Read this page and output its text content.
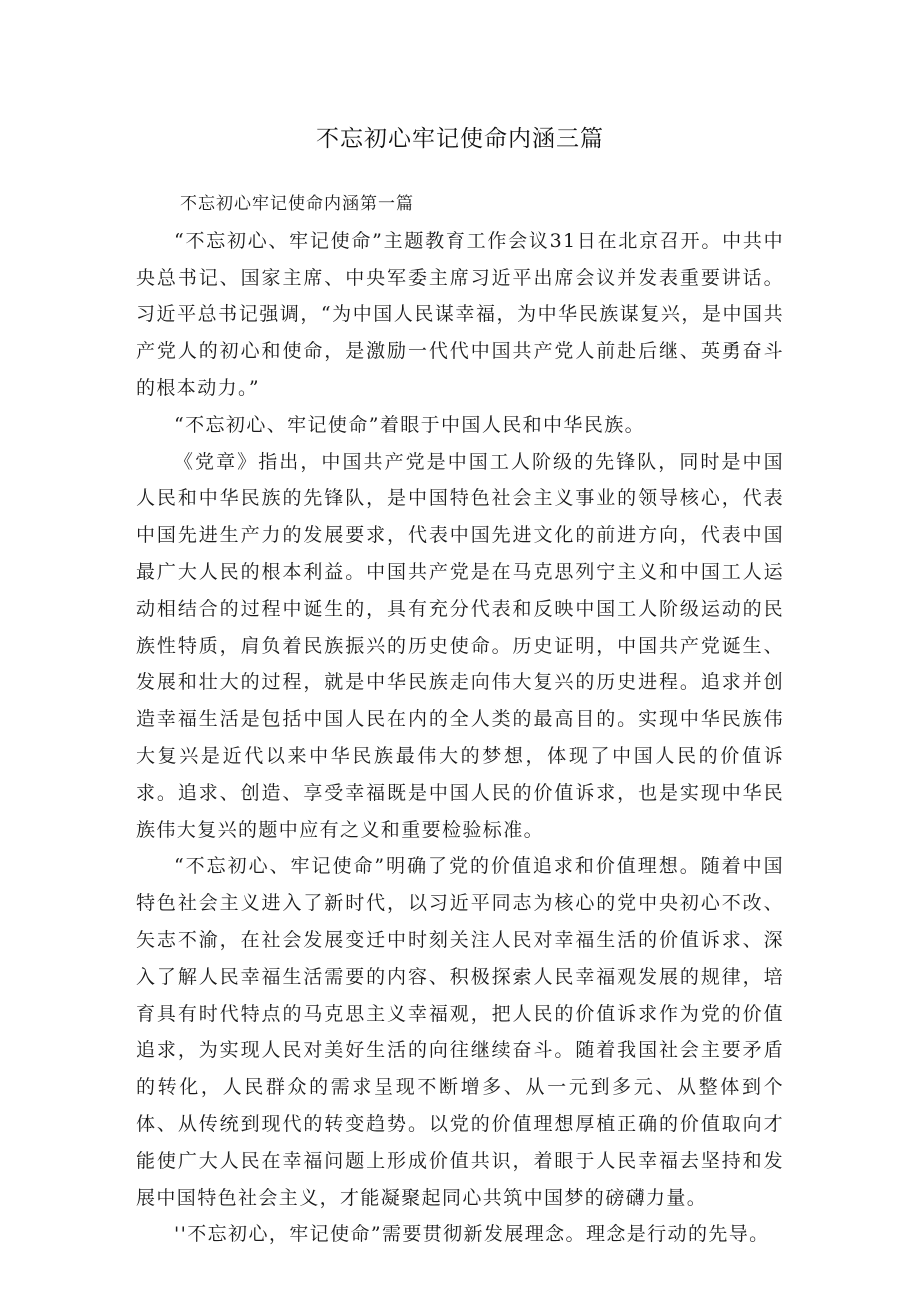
不忘初心牢记使命内涵三篇

不忘初心牢记使命内涵第一篇

“不忘初心、牢记使命”主题教育工作会议31日在北京召开。中共中央总书记、国家主席、中央军委主席习近平出席会议并发表重要讲话。习近平总书记强调，“为中国人民谋幸福，为中华民族谋复兴，是中国共产党人的初心和使命，是激励一代代中国共产党人前赴后继、英勇奋斗的根本动力。”

“不忘初心、牢记使命”着眼于中国人民和中华民族。

《党章》指出，中国共产党是中国工人阶级的先锋队，同时是中国人民和中华民族的先锋队，是中国特色社会主义事业的领导核心，代表中国先进生产力的发展要求，代表中国先进文化的前进方向，代表中国最广大人民的根本利益。中国共产党是在马克思列宁主义和中国工人运动相结合的过程中诞生的，具有充分代表和反映中国工人阶级运动的民族性特质，肩负着民族振兴的历史使命。历史证明，中国共产党诞生、发展和壮大的过程，就是中华民族走向伟大复兴的历史进程。追求并创造幸福生活是包括中国人民在内的全人类的最高目的。实现中华民族伟大复兴是近代以来中华民族最伟大的梦想，体现了中国人民的价值诉求。追求、创造、享受幸福既是中国人民的价值诉求，也是实现中华民族伟大复兴的题中应有之义和重要检验标准。

“不忘初心、牢记使命”明确了党的价值追求和价值理想。随着中国特色社会主义进入了新时代，以习近平同志为核心的党中央初心不改、矢志不渝，在社会发展变迁中时刻关注人民对幸福生活的价值诉求、深入了解人民幸福生活需要的内容、积极探索人民幸福观发展的规律，培育具有时代特点的马克思主义幸福观，把人民的价值诉求作为党的价值追求，为实现人民对美好生活的向往继续奋斗。随着我国社会主要矛盾的转化，人民群众的需求呈现不断增多、从一元到多元、从整体到个体、从传统到现代的转变趋势。以党的价值理想厚植正确的价值取向才能使广大人民在幸福问题上形成价值共识，着眼于人民幸福去坚持和发展中国特色社会主义，才能凝聚起同心共筑中国梦的磅礴力量。

''不忘初心，牢记使命”需要贯彻新发展理念。理念是行动的先导。
